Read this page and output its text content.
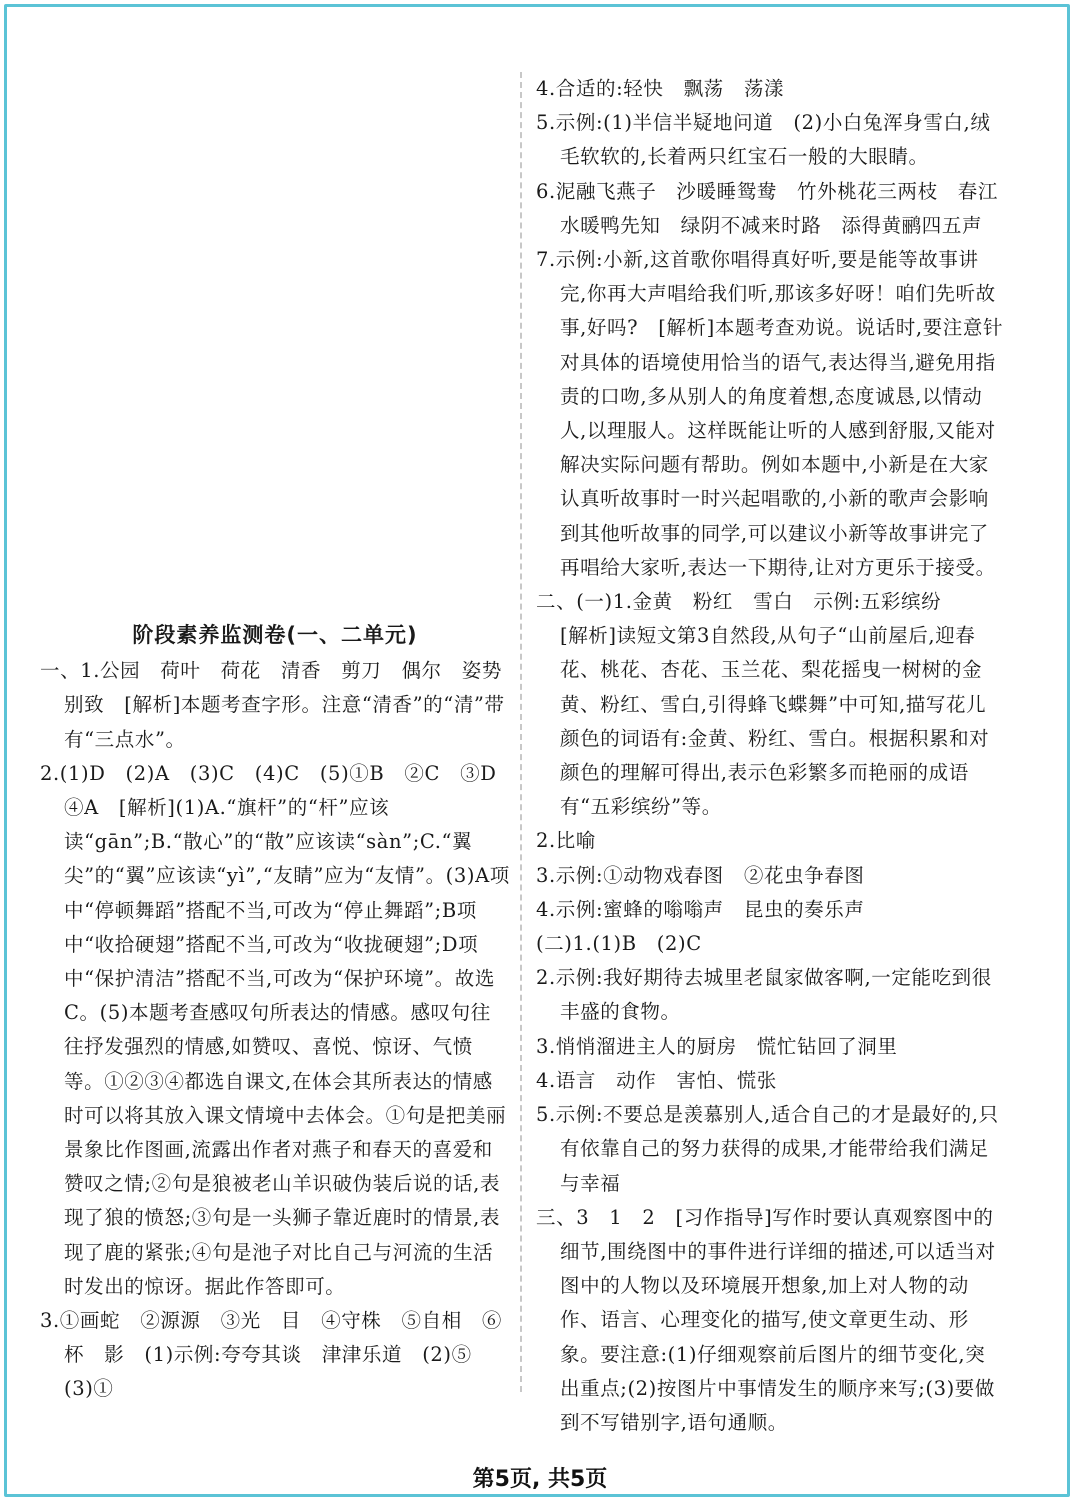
4.合适的:轻快　飘荡　荡漾

5.示例:(1)半信半疑地问道　(2)小白兔浑身雪白,绒毛软软的,长着两只红宝石一般的大眼睛。

6.泥融飞燕子　沙暖睡鸳鸯　竹外桃花三两枝　春江水暖鸭先知　绿阴不减来时路　添得黄鹂四五声

7.示例:小新,这首歌你唱得真好听,要是能等故事讲完,你再大声唱给我们听,那该多好呀！咱们先听故事,好吗?　[解析]本题考查劝说。说话时,要注意针对具体的语境使用恰当的语气,表达得当,避免用指责的口吻,多从别人的角度着想,态度诚恳,以情动人,以理服人。这样既能让听的人感到舒服,又能对解决实际问题有帮助。例如本题中,小新是在大家认真听故事时一时兴起唱歌的,小新的歌声会影响到其他听故事的同学,可以建议小新等故事讲完了再唱给大家听,表达一下期待,让对方更乐于接受。

二、(一)1.金黄　粉红　雪白　示例:五彩缤纷

[解析]读短文第3自然段,从句子“山前屋后,迎春花、桃花、杏花、玉兰花、梨花摇曳一树树的金黄、粉红、雪白,引得蜂飞蝶舞”中可知,描写花儿颜色的词语有:金黄、粉红、雪白。根据积累和对颜色的理解可得出,表示色彩繁多而艳丽的成语有“五彩缤纷”等。

2.比喻

3.示例:①动物戏春图　②花虫争春图

4.示例:蜜蜂的嗡嗡声　昆虫的奏乐声

(二)1.(1)B　(2)C

2.示例:我好期待去城里老鼠家做客啊,一定能吃到很丰盛的食物。

3.悄悄溜进主人的厨房　慌忙钻回了洞里

4.语言　动作　害怕、慌张

5.示例:不要总是羡慕别人,适合自己的才是最好的,只有依靠自己的努力获得的成果,才能带给我们满足与幸福

三、3　1　2　[习作指导]写作时要认真观察图中的细节,围绕图中的事件进行详细的描述,可以适当对图中的人物以及环境展开想象,加上对人物的动作、语言、心理变化的描写,使文章更生动、形象。要注意:(1)仔细观察前后图片的细节变化,突出重点;(2)按图片中事情发生的顺序来写;(3)要做到不写错别字,语句通顺。

阶段素养监测卷(一、二单元)

一、1.公园　荷叶　荷花　清香　剪刀　偶尔　姿势别致　[解析]本题考查字形。注意“清香”的“清”带有“三点水”。

2.(1)D　(2)A　(3)C　(4)C　(5)①B　②C　③D　④A　[解析](1)A.“旗杆”的“杆”应该读“gān”;B.“散心”的“散”应该读“sàn”;C.“翼尖”的“翼”应该读“yì”,“友睛”应为“友情”。(3)A项中“停顿舞蹈”搭配不当,可改为“停止舞蹈”;B项中“收拾硬翅”搭配不当,可改为“收拢硬翅”;D项中“保护清洁”搭配不当,可改为“保护环境”。故选C。(5)本题考查感叹句所表达的情感。感叹句往往抒发强烈的情感,如赞叹、喜悦、惊讶、气愤等。①②③④都选自课文,在体会其所表达的情感时可以将其放入课文情境中去体会。①句是把美丽景象比作图画,流露出作者对燕子和春天的喜爱和赞叹之情;②句是狼被老山羊识破伪装后说的话,表现了狼的愤怒;③句是一头狮子靠近鹿时的情景,表现了鹿的紧张;④句是池子对比自己与河流的生活时发出的惊讶。据此作答即可。

3.①画蛇　②源源　③光　目　④守株　⑤自相　⑥杯　影　(1)示例:夸夸其谈　津津乐道　(2)⑤　(3)①

第5页, 共5页
